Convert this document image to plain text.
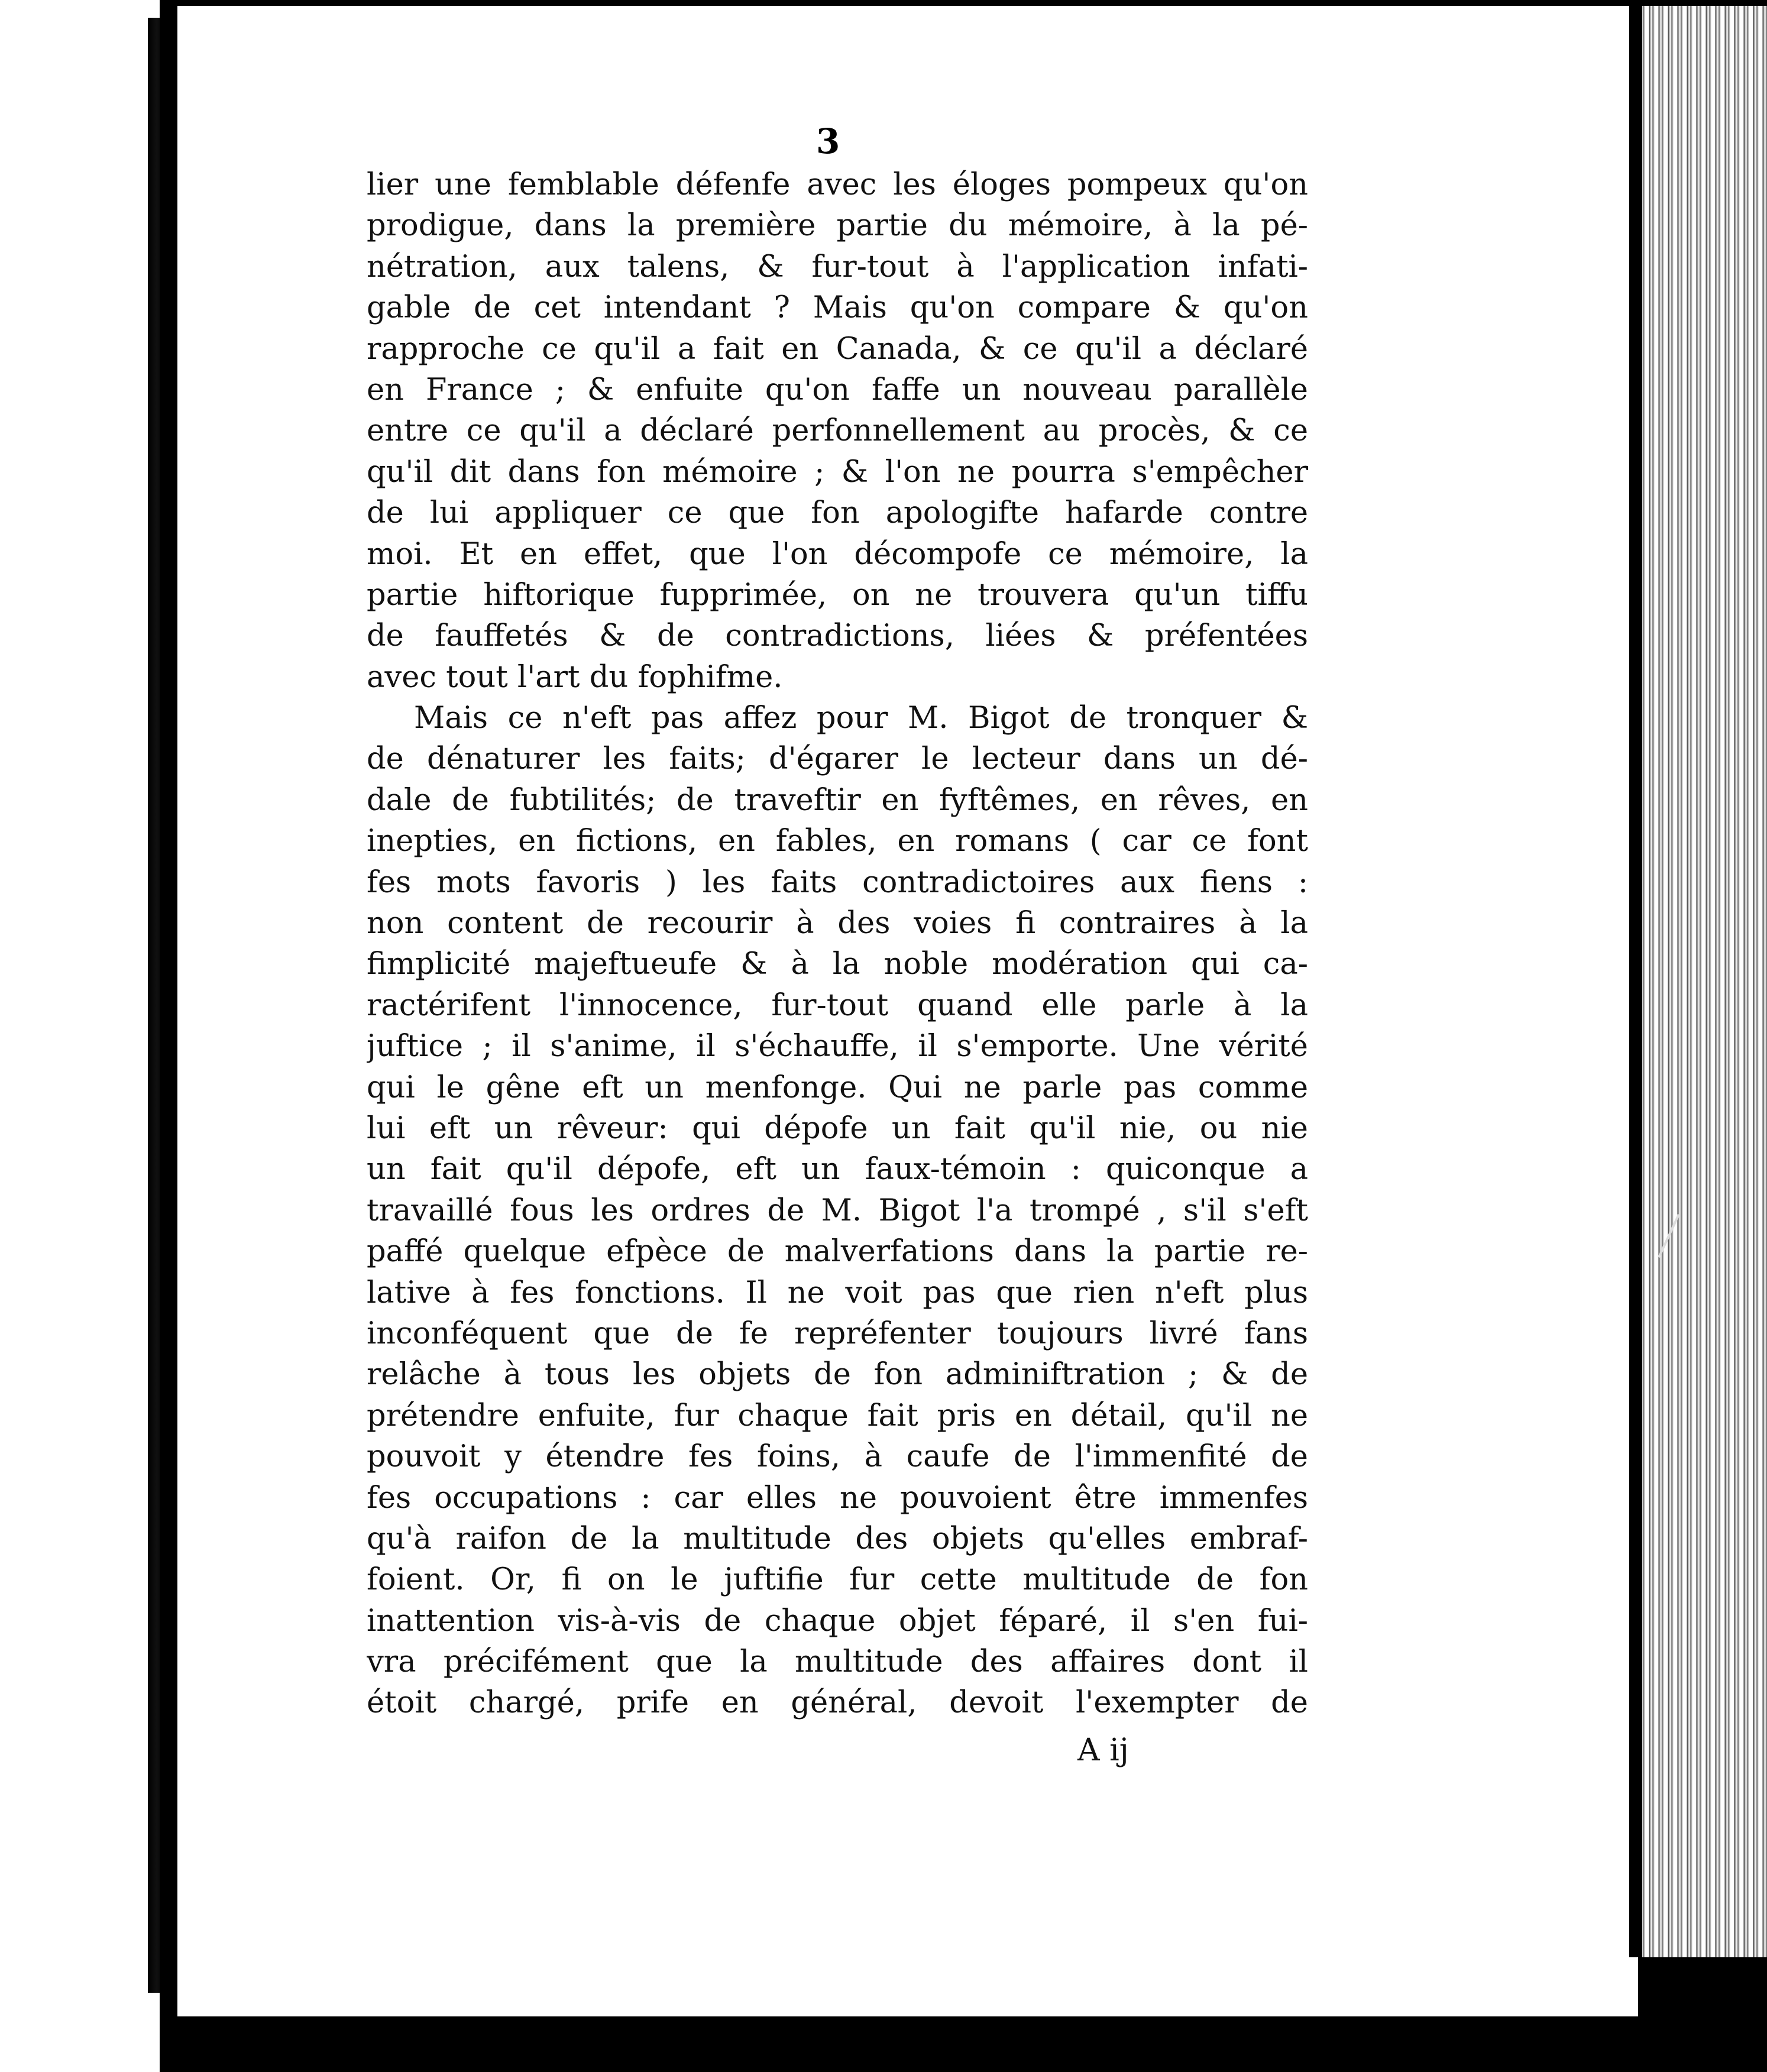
3
lier une femblable défenfe avec les éloges pompeux qu'on
prodigue, dans la première partie du mémoire, à la pé-
nétration, aux talens, & fur-tout à l'application infati-
gable de cet intendant ? Mais qu'on compare & qu'on
rapproche ce qu'il a fait en Canada, & ce qu'il a déclaré
en France ; & enfuite qu'on faffe un nouveau parallèle
entre ce qu'il a déclaré perfonnellement au procès, & ce
qu'il dit dans fon mémoire ; & l'on ne pourra s'empêcher
de lui appliquer ce que fon apologifte hafarde contre
moi. Et en effet, que l'on décompofe ce mémoire, la
partie hiftorique fupprimée, on ne trouvera qu'un tiffu
de fauffetés & de contradictions, liées & préfentées
avec tout l'art du fophifme.
Mais ce n'eft pas affez pour M. Bigot de tronquer &
de dénaturer les faits; d'égarer le lecteur dans un dé-
dale de fubtilités; de traveftir en fyftêmes, en rêves, en
inepties, en fictions, en fables, en romans ( car ce font
fes mots favoris ) les faits contradictoires aux fiens :
non content de recourir à des voies fi contraires à la
fimplicité majeftueufe & à la noble modération qui ca-
ractérifent l'innocence, fur-tout quand elle parle à la
juftice ; il s'anime, il s'échauffe, il s'emporte. Une vérité
qui le gêne eft un menfonge. Qui ne parle pas comme
lui eft un rêveur: qui dépofe un fait qu'il nie, ou nie
un fait qu'il dépofe, eft un faux-témoin : quiconque a
travaillé fous les ordres de M. Bigot l'a trompé , s'il s'eft
paffé quelque efpèce de malverfations dans la partie re-
lative à fes fonctions. Il ne voit pas que rien n'eft plus
inconféquent que de fe repréfenter toujours livré fans
relâche à tous les objets de fon adminiftration ; & de
prétendre enfuite, fur chaque fait pris en détail, qu'il ne
pouvoit y étendre fes foins, à caufe de l'immenfité de
fes occupations : car elles ne pouvoient être immenfes
qu'à raifon de la multitude des objets qu'elles embraf-
foient. Or, fi on le juftifie fur cette multitude de fon
inattention vis-à-vis de chaque objet féparé, il s'en fui-
vra précifément que la multitude des affaires dont il
étoit chargé, prife en général, devoit l'exempter de
A ij
